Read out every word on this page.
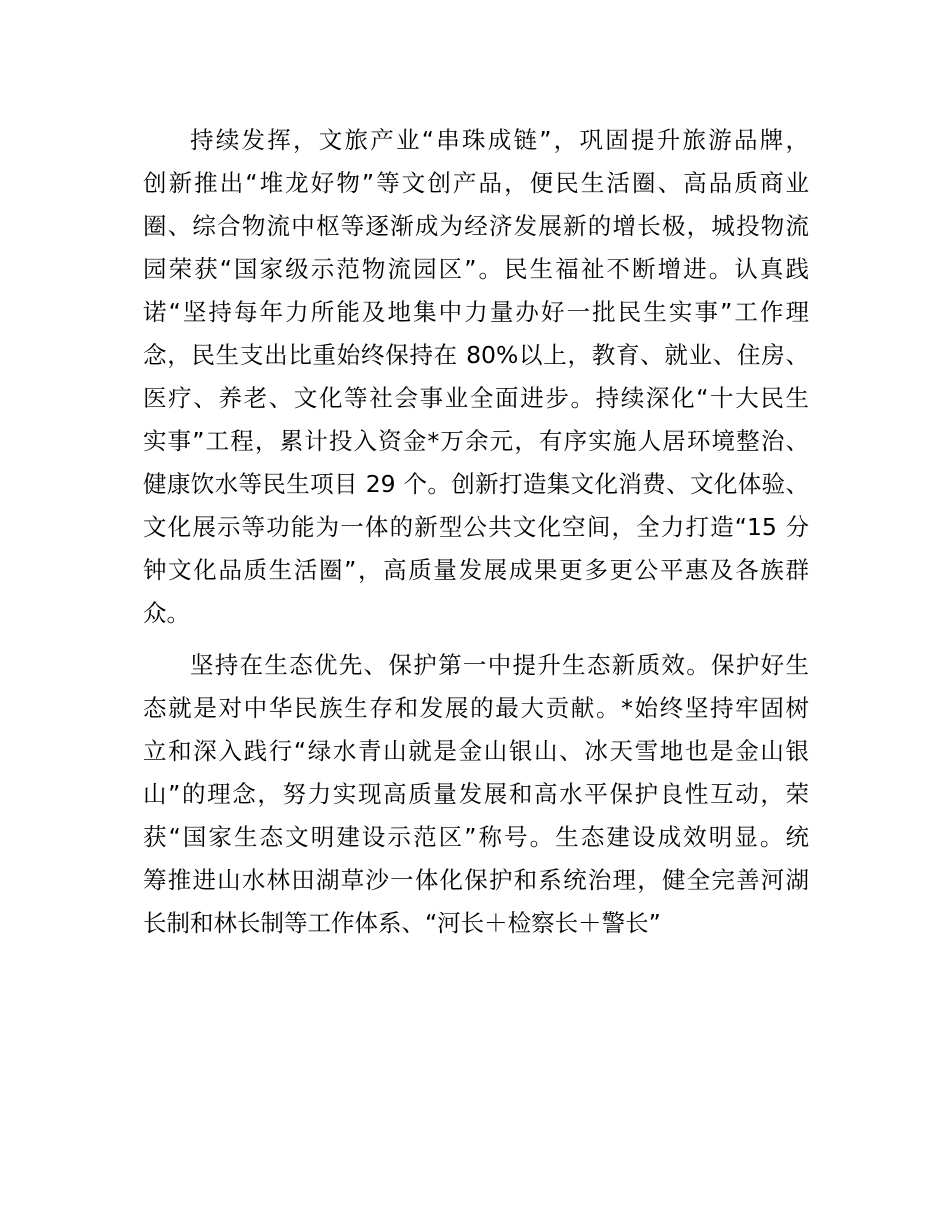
持续发挥，文旅产业“串珠成链”，巩固提升旅游品牌，
创新推出“堆龙好物”等文创产品，便民生活圈、高品质商业
圈、综合物流中枢等逐渐成为经济发展新的增长极，城投物流
园荣获“国家级示范物流园区”。民生福祉不断增进。认真践
诺“坚持每年力所能及地集中力量办好一批民生实事”工作理
念，民生支出比重始终保持在 80%以上，教育、就业、住房、
医疗、养老、文化等社会事业全面进步。持续深化“十大民生
实事”工程，累计投入资金*万余元，有序实施人居环境整治、
健康饮水等民生项目 29 个。创新打造集文化消费、文化体验、
文化展示等功能为一体的新型公共文化空间，全力打造“15 分
钟文化品质生活圈”，高质量发展成果更多更公平惠及各族群
众。
坚持在生态优先、保护第一中提升生态新质效。保护好生
态就是对中华民族生存和发展的最大贡献。*始终坚持牢固树
立和深入践行“绿水青山就是金山银山、冰天雪地也是金山银
山”的理念，努力实现高质量发展和高水平保护良性互动，荣
获“国家生态文明建设示范区”称号。生态建设成效明显。统
筹推进山水林田湖草沙一体化保护和系统治理，健全完善河湖
长制和林长制等工作体系、“河长＋检察长＋警长”
